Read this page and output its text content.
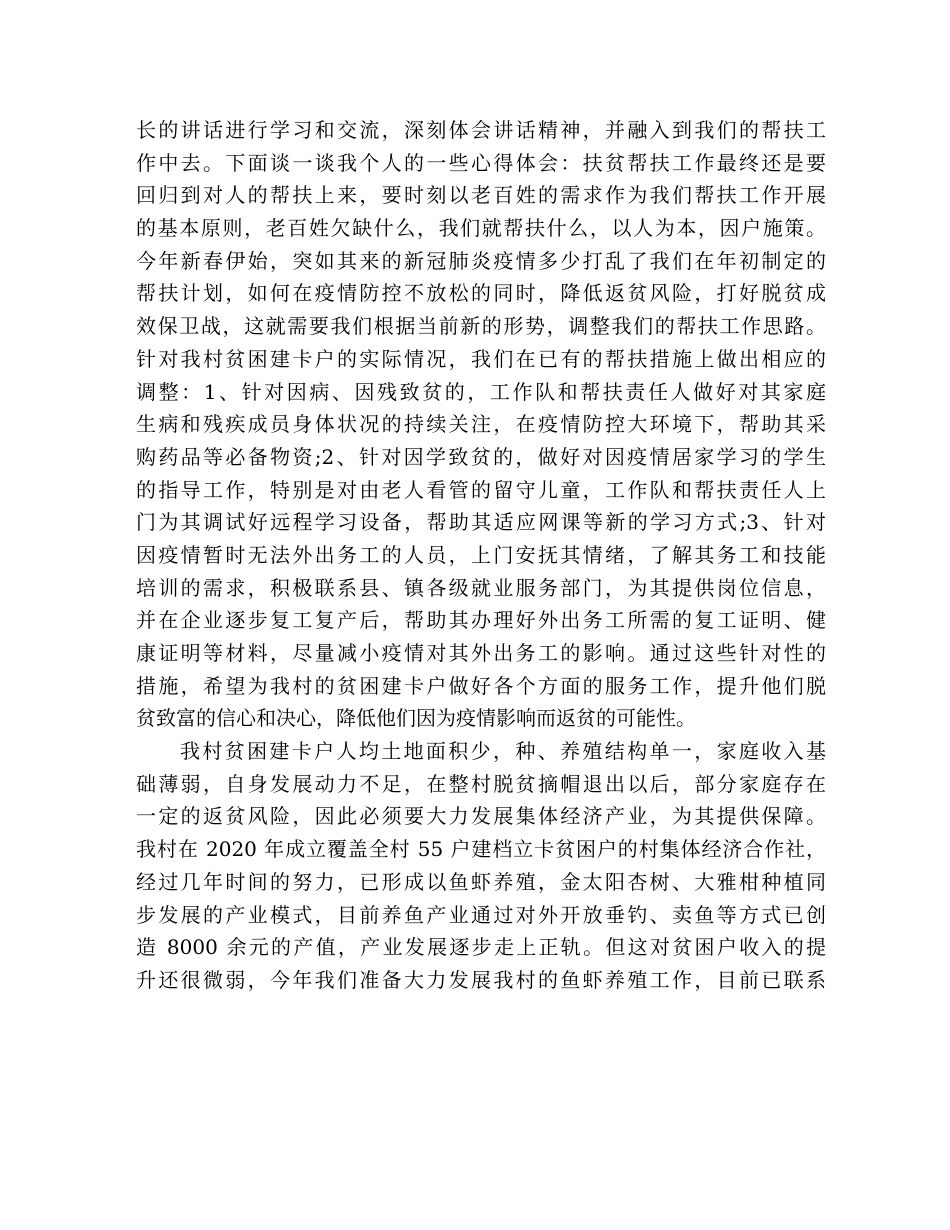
长的讲话进行学习和交流，深刻体会讲话精神，并融入到我们的帮扶工
作中去。下面谈一谈我个人的一些心得体会：扶贫帮扶工作最终还是要
回归到对人的帮扶上来，要时刻以老百姓的需求作为我们帮扶工作开展
的基本原则，老百姓欠缺什么，我们就帮扶什么，以人为本，因户施策。
今年新春伊始，突如其来的新冠肺炎疫情多少打乱了我们在年初制定的
帮扶计划，如何在疫情防控不放松的同时，降低返贫风险，打好脱贫成
效保卫战，这就需要我们根据当前新的形势，调整我们的帮扶工作思路。
针对我村贫困建卡户的实际情况，我们在已有的帮扶措施上做出相应的
调整：1、针对因病、因残致贫的，工作队和帮扶责任人做好对其家庭
生病和残疾成员身体状况的持续关注，在疫情防控大环境下，帮助其采
购药品等必备物资;2、针对因学致贫的，做好对因疫情居家学习的学生
的指导工作，特别是对由老人看管的留守儿童，工作队和帮扶责任人上
门为其调试好远程学习设备，帮助其适应网课等新的学习方式;3、针对
因疫情暂时无法外出务工的人员，上门安抚其情绪，了解其务工和技能
培训的需求，积极联系县、镇各级就业服务部门，为其提供岗位信息，
并在企业逐步复工复产后，帮助其办理好外出务工所需的复工证明、健
康证明等材料，尽量减小疫情对其外出务工的影响。通过这些针对性的
措施，希望为我村的贫困建卡户做好各个方面的服务工作，提升他们脱
贫致富的信心和决心，降低他们因为疫情影响而返贫的可能性。
我村贫困建卡户人均土地面积少，种、养殖结构单一，家庭收入基
础薄弱，自身发展动力不足，在整村脱贫摘帽退出以后，部分家庭存在
一定的返贫风险，因此必须要大力发展集体经济产业，为其提供保障。
我村在 2020 年成立覆盖全村 55 户建档立卡贫困户的村集体经济合作社，
经过几年时间的努力，已形成以鱼虾养殖，金太阳杏树、大雅柑种植同
步发展的产业模式，目前养鱼产业通过对外开放垂钓、卖鱼等方式已创
造 8000 余元的产值，产业发展逐步走上正轨。但这对贫困户收入的提
升还很微弱，今年我们准备大力发展我村的鱼虾养殖工作，目前已联系
